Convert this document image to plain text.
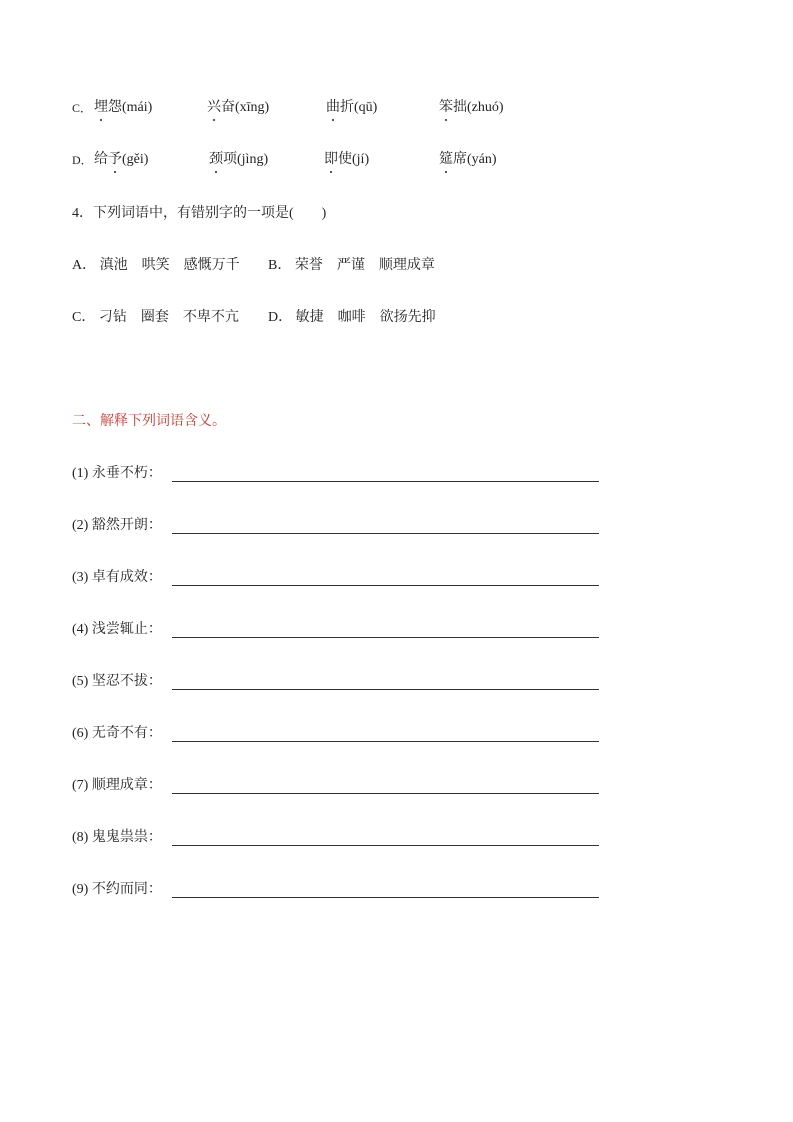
C． 埋怨(mái)	兴奋(xīng)	曲折(qū)	笨拙(zhuó)
D． 给予(gěi)	颈项(jìng)	即使(jí)	筵席(yán)
4．下列词语中，有错别字的一项是(　　)
A． 滇池 哄笑 感慨万千 B． 荣誉 严谨 顺理成章
C． 刁钻 圈套 不卑不亢 D． 敏捷 咖啡 欲扬先抑
二、解释下列词语含义。
(1) 永垂不朽：
(2) 豁然开朗：
(3) 卓有成效：
(4) 浅尝辄止：
(5) 坚忍不拔：
(6) 无奇不有：
(7) 顺理成章：
(8) 鬼鬼祟祟：
(9) 不约而同：
